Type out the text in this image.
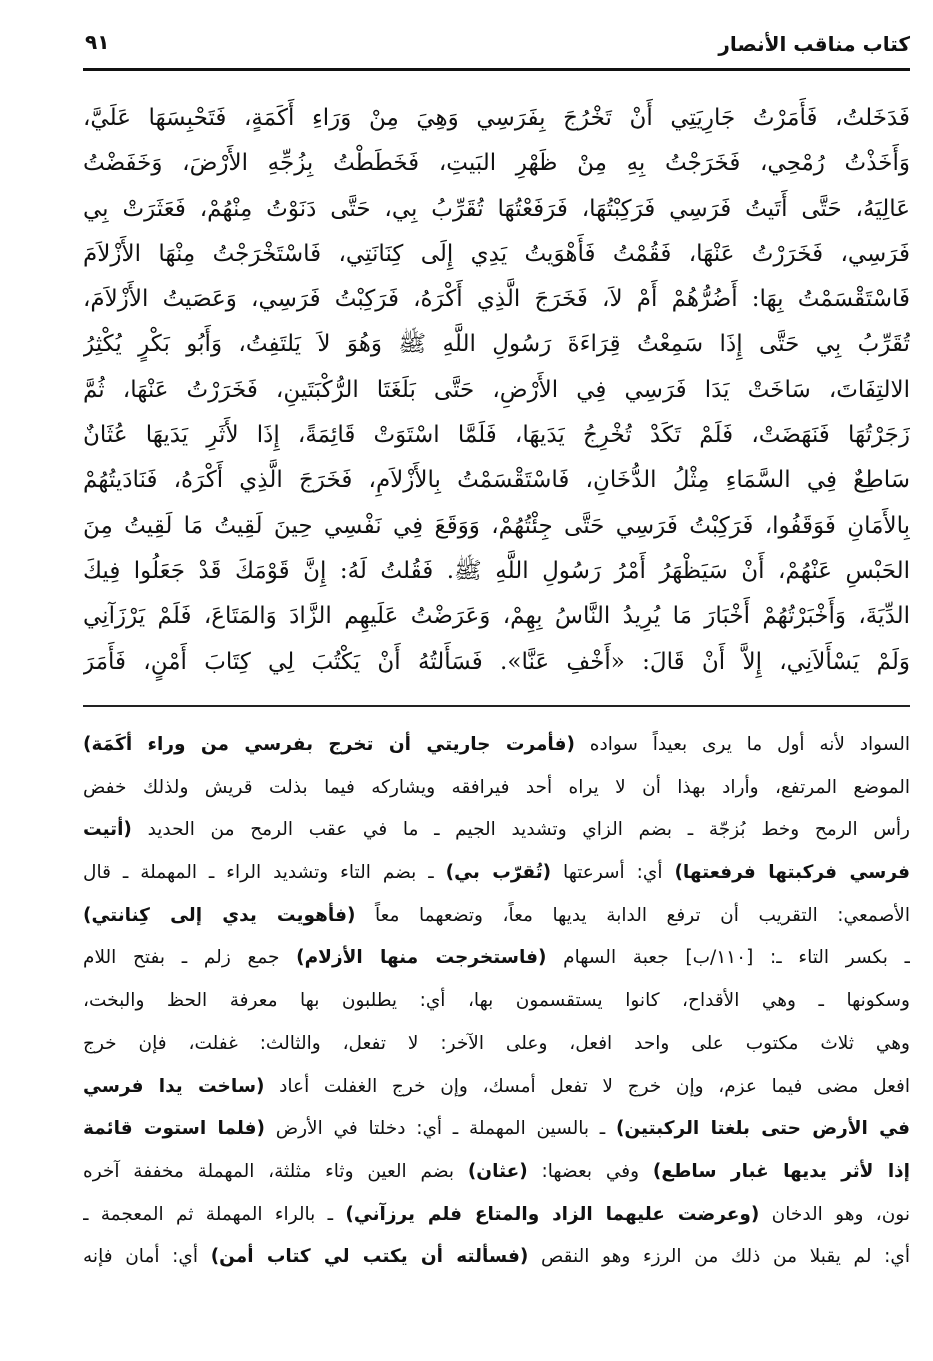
كتاب مناقب الأنصار
٩١
فَدَخَلتُ، فَأَمَرْتُ جَارِيَتِي أَنْ تَخْرُجَ بِفَرَسِي وَهِيَ مِنْ وَرَاءِ أَكَمَةٍ، فَتَحْبِسَهَا عَلَيَّ،
وَأَخَذْتُ رُمْحِي، فَخَرَجْتُ بِهِ مِنْ ظَهْرِ البَيتِ، فَخَطَطْتُ بِزُجِّهِ الأَرْضَ، وَخَفَضْتُ
عَالِيَهُ، حَتَّى أَتَيتُ فَرَسِي فَرَكِبْتُهَا، فَرَفَعْتُهَا تُقَرِّبُ بِي، حَتَّى دَنَوْتُ مِنْهُمْ، فَعَثَرَتْ بِي
فَرَسِي، فَخَرَرْتُ عَنْهَا، فَقُمْتُ فَأَهْوَيتُ يَدِي إِلَى كِنَانَتِي، فَاسْتَخْرَجْتُ مِنْهَا الأَزْلاَمَ
فَاسْتَقْسَمْتُ بِهَا: أَضُرُّهُمْ أَمْ لاَ، فَخَرَجَ الَّذِي أَكْرَهُ، فَرَكِبْتُ فَرَسِي، وَعَصَيتُ الأَزْلاَمَ،
تُقَرِّبُ بِي حَتَّى إِذَا سَمِعْتُ قِرَاءَةَ رَسُولِ اللَّهِ ﷺ وَهُوَ لاَ يَلتَفِتُ، وَأَبُو بَكْرٍ يُكْثِرُ
الالتِفَاتَ، سَاخَتْ يَدَا فَرَسِي فِي الأَرْضِ، حَتَّى بَلَغَتَا الرُّكْبَتَينِ، فَخَرَرْتُ عَنْهَا، ثُمَّ
زَجَرْتُهَا فَنَهَضَتْ، فَلَمْ تَكَدْ تُخْرِجُ يَدَيهَا، فَلَمَّا اسْتَوَتْ قَائِمَةً، إِذَا لأَثَرِ يَدَيهَا عُثَانٌ
سَاطِعٌ فِي السَّمَاءِ مِثْلُ الدُّخَانِ، فَاسْتَقْسَمْتُ بِالأَزْلاَمِ، فَخَرَجَ الَّذِي أَكْرَهُ، فَنَادَيتُهُمْ
بِالأَمَانِ فَوَقَفُوا، فَرَكِبْتُ فَرَسِي حَتَّى جِئْتُهُمْ، وَوَقَعَ فِي نَفْسِي حِينَ لَقِيتُ مَا لَقِيتُ مِنَ
الحَبْسِ عَنْهُمْ، أَنْ سَيَظْهَرُ أَمْرُ رَسُولِ اللَّهِ ﷺ. فَقُلتُ لَهُ: إِنَّ قَوْمَكَ قَدْ جَعَلُوا فِيكَ
الدِّيَةَ، وَأَخْبَرْتُهُمْ أَخْبَارَ مَا يُرِيدُ النَّاسُ بِهِمْ، وَعَرَضْتُ عَلَيهِم الزَّادَ وَالمَتَاعَ، فَلَمْ يَرْزَآنِي
وَلَمْ يَسْأَلاَنِي، إِلاَّ أَنْ قَالَ: «أَخْفِ عَنَّا». فَسَأَلتُهُ أَنْ يَكْتُبَ لِي كِتَابَ أَمْنٍ، فَأَمَرَ
السواد لأنه أول ما يرى بعيداً سواده (فأمرت جاريتي أن تخرج بفرسي من وراء أكَمَة)
الموضع المرتفع، وأراد بهذا أن لا يراه أحد فيرافقه ويشاركه فيما بذلت قريش ولذلك خفض
رأس الرمح وخط بُزجّة ـ بضم الزاي وتشديد الجيم ـ ما في عقب الرمح من الحديد (أتيت
فرسي فركبتها فرفعتها) أي: أسرعتها (تُقرّب بي) ـ بضم التاء وتشديد الراء ـ المهملة ـ قال
الأصمعي: التقريب أن ترفع الدابة يديها معاً، وتضعهما معاً (فأهويت يدي إلى كِنانتي)
ـ بكسر التاء ـ: [١١٠/ب] جعبة السهام (فاستخرجت منها الأزلام) جمع زلم ـ بفتح اللام
وسكونها ـ وهي الأقداح، كانوا يستقسمون بها، أي: يطلبون بها معرفة الحظ والبخت،
وهي ثلاث مكتوب على واحد افعل، وعلى الآخر: لا تفعل، والثالث: غفلت، فإن خرج
افعل مضى فيما عزم، وإن خرج لا تفعل أمسك، وإن خرج الغفلت أعاد (ساخت يدا فرسي
في الأرض حتى بلغتا الركبتين) ـ بالسين المهملة ـ أي: دخلتا في الأرض (فلما استوت قائمة
إذا لأثر يديها غبار ساطع) وفي بعضها: (عثان) بضم العين وثاء مثلثة، المهملة مخففة آخره
نون، وهو الدخان (وعرضت عليهما الزاد والمتاع فلم يرزآني) ـ بالراء المهملة ثم المعجمة ـ
أي: لم يقبلا من ذلك من الرزء وهو النقص (فسألته أن يكتب لي كتاب أمن) أي: أمان فإنه
